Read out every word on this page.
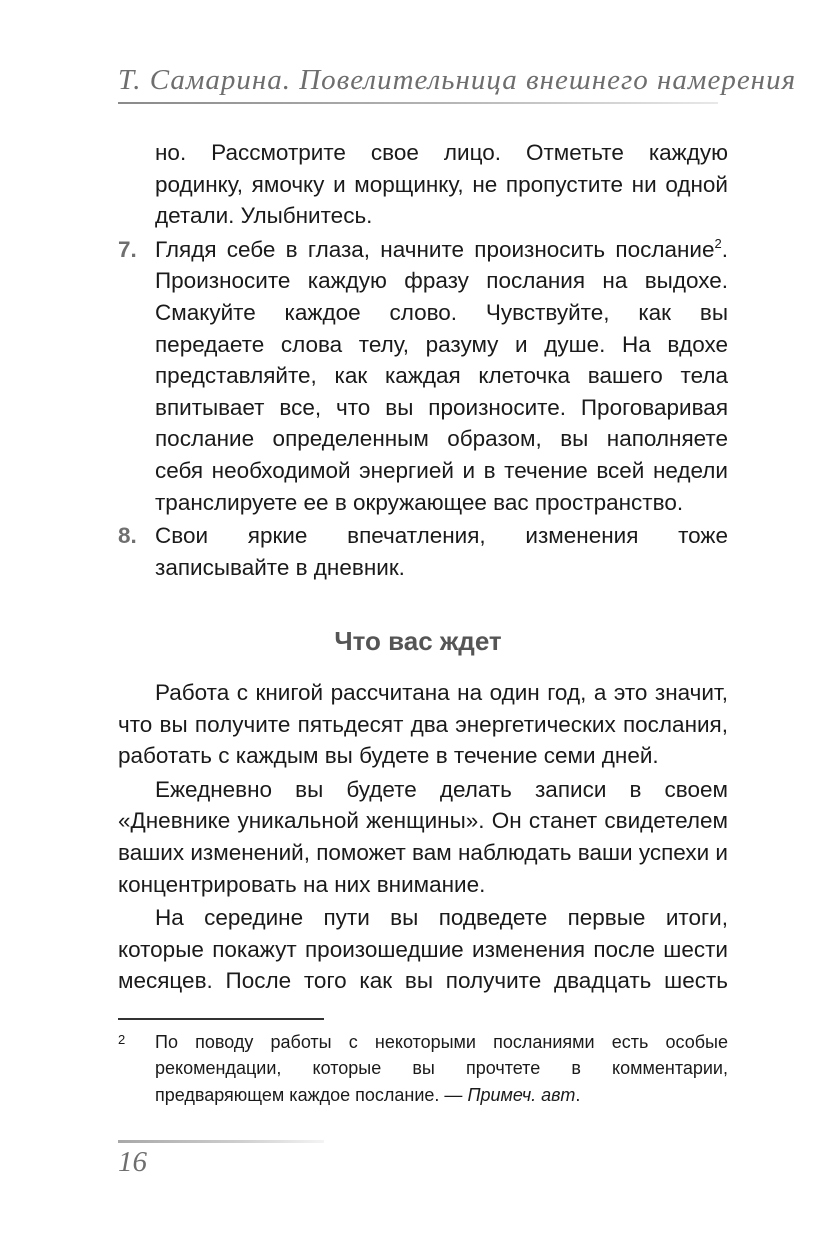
Т. Самарина. Повелительница внешнего намерения

но. Рассмотрите свое лицо. Отметьте каждую родинку, ямочку и морщинку, не пропустите ни одной детали. Улыбнитесь.

7. Глядя себе в глаза, начните произносить послание$^2$. Произносите каждую фразу послания на выдохе. Смакуйте каждое слово. Чувствуйте, как вы передаете слова телу, разуму и душе. На вдохе представляйте, как каждая клеточка вашего тела впитывает все, что вы произносите. Проговаривая послание определенным образом, вы наполняете себя необходимой энергией и в течение всей недели транслируете ее в окружающее вас пространство.
8. Свои яркие впечатления, изменения тоже записывайте в дневник.
Что вас ждет

Работа с книгой рассчитана на один год, а это значит, что вы получите пятьдесят два энергетических послания, работать с каждым вы будете в течение семи дней.

Ежедневно вы будете делать записи в своем «Дневнике уникальной женщины». Он станет свидетелем ваших изменений, поможет вам наблюдать ваши успехи и концентрировать на них внимание.

На середине пути вы подведете первые итоги, которые покажут произошедшие изменения после шести месяцев. После того как вы получите двадцать шесть

2 По поводу работы с некоторыми посланиями есть особые рекомендации, которые вы прочтете в комментарии, предваряющем каждое послание. — Примеч. авт.
16
